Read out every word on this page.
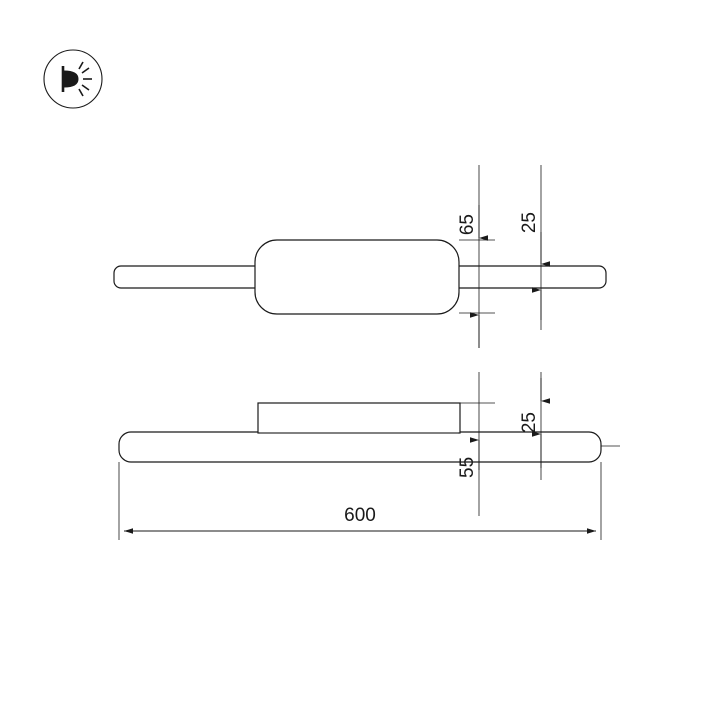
65 25
25
55
600
